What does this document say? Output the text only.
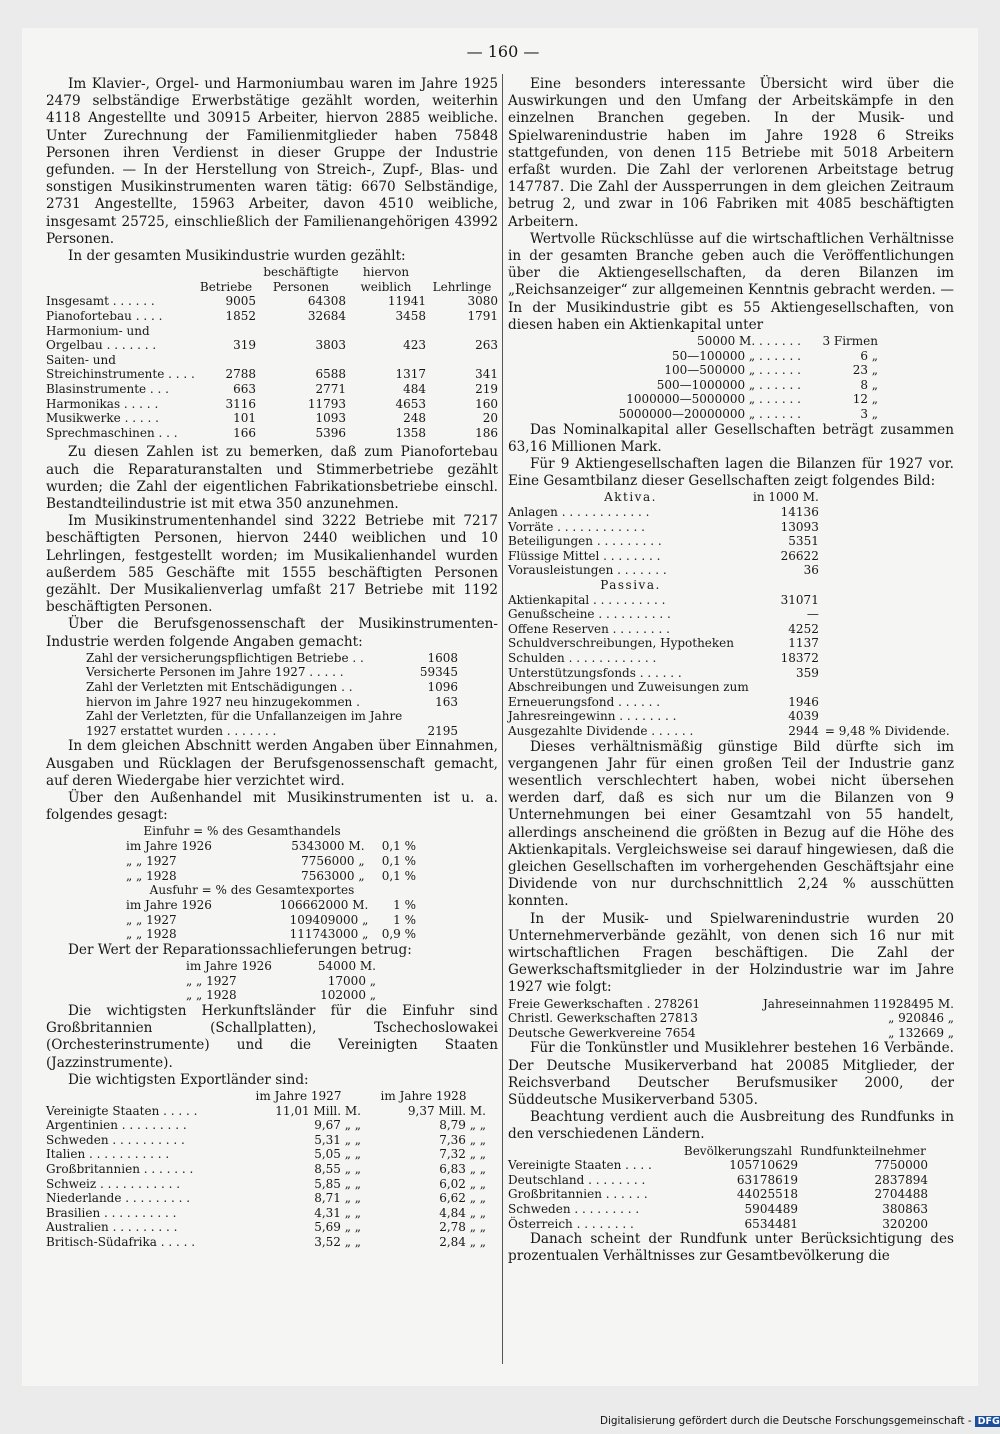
— 160 —

Im Klavier-, Orgel- und Harmoniumbau waren im Jahre 1925 2479 selbständige Erwerbstätige gezählt worden, weiterhin 4118 Angestellte und 30915 Arbeiter, hiervon 2885 weibliche. Unter Zurechnung der Familienmitglieder haben 75848 Personen ihren Verdienst in dieser Gruppe der Industrie gefunden. — In der Herstellung von Streich-, Zupf-, Blas- und sonstigen Musikinstrumenten waren tätig: 6670 Selbständige, 2731 Angestellte, 15963 Arbeiter, davon 4510 weibliche, insgesamt 25725, einschließlich der Familienangehörigen 43992 Personen.

In der gesamten Musikindustrie wurden gezählt:

	Betriebe	beschäftigte Personen	hiervon weiblich	Lehrlinge
Insgesamt . . . . . .	9005	64308	11941	3080
Pianofortebau . . . .	1852	32684	3458	1791
Harmonium- und Orgelbau . . . . . . .	319	3803	423	263
Saiten- und Streichinstrumente . . . .	2788	6588	1317	341
Blasinstrumente . . .	663	2771	484	219
Harmonikas . . . . .	3116	11793	4653	160
Musikwerke . . . . .	101	1093	248	20
Sprechmaschinen . . .	166	5396	1358	186

Zu diesen Zahlen ist zu bemerken, daß zum Pianofortebau auch die Reparaturanstalten und Stimmerbetriebe gezählt wurden; die Zahl der eigentlichen Fabrikationsbetriebe einschl. Bestandteilindustrie ist mit etwa 350 anzunehmen.

Im Musikinstrumentenhandel sind 3222 Betriebe mit 7217 beschäftigten Personen, hiervon 2440 weiblichen und 10 Lehrlingen, festgestellt worden; im Musikalienhandel wurden außerdem 585 Geschäfte mit 1555 beschäftigten Personen gezählt. Der Musikalienverlag umfaßt 217 Betriebe mit 1192 beschäftigten Personen.

Über die Berufsgenossenschaft der Musikinstrumenten-Industrie werden folgende Angaben gemacht:

Zahl der versicherungspflichtigen Betriebe . .	1608
Versicherte Personen im Jahre 1927 . . . . .	59345
Zahl der Verletzten mit Entschädigungen . .	1096
hiervon im Jahre 1927 neu hinzugekommen .	163
Zahl der Verletzten, für die Unfallanzeigen im Jahre 1927 erstattet wurden . . . . . . .	2195

In dem gleichen Abschnitt werden Angaben über Einnahmen, Ausgaben und Rücklagen der Berufsgenossenschaft gemacht, auf deren Wiedergabe hier verzichtet wird.

Über den Außenhandel mit Musikinstrumenten ist u. a. folgendes gesagt:

Einfuhr = % des Gesamthandels
im Jahre 1926	5343000 M.	0,1 %
„ „ 1927	7756000 „	0,1 %
„ „ 1928	7563000 „	0,1 %
Ausfuhr = % des Gesamtexportes
im Jahre 1926	106662000 M.	1 %
„ „ 1927	109409000 „	1 %
„ „ 1928	111743000 „	0,9 %

Der Wert der Reparationssachlieferungen betrug:

im Jahre 1926	54000 M.
„ „ 1927	17000 „
„ „ 1928	102000 „

Die wichtigsten Herkunftsländer für die Einfuhr sind Großbritannien (Schallplatten), Tschechoslowakei (Orchesterinstrumente) und die Vereinigten Staaten (Jazzinstrumente).

Die wichtigsten Exportländer sind:

	im Jahre 1927	im Jahre 1928
Vereinigte Staaten . . . . .	11,01 Mill. M.	9,37 Mill. M.
Argentinien . . . . . . . . .	9,67 „ „	8,79 „ „
Schweden . . . . . . . . . .	5,31 „ „	7,36 „ „
Italien . . . . . . . . . . .	5,05 „ „	7,32 „ „
Großbritannien . . . . . . .	8,55 „ „	6,83 „ „
Schweiz . . . . . . . . . . .	5,85 „ „	6,02 „ „
Niederlande . . . . . . . . .	8,71 „ „	6,62 „ „
Brasilien . . . . . . . . . .	4,31 „ „	4,84 „ „
Australien . . . . . . . . .	5,69 „ „	2,78 „ „
Britisch-Südafrika . . . . .	3,52 „ „	2,84 „ „

Eine besonders interessante Übersicht wird über die Auswirkungen und den Umfang der Arbeitskämpfe in den einzelnen Branchen gegeben. In der Musik- und Spielwarenindustrie haben im Jahre 1928 6 Streiks stattgefunden, von denen 115 Betriebe mit 5018 Arbeitern erfaßt wurden. Die Zahl der verlorenen Arbeitstage betrug 147787. Die Zahl der Aussperrungen in dem gleichen Zeitraum betrug 2, und zwar in 106 Fabriken mit 4085 beschäftigten Arbeitern.

Wertvolle Rückschlüsse auf die wirtschaftlichen Verhältnisse in der gesamten Branche geben auch die Veröffentlichungen über die Aktiengesellschaften, da deren Bilanzen im „Reichsanzeiger“ zur allgemeinen Kenntnis gebracht werden. — In der Musikindustrie gibt es 55 Aktiengesellschaften, von diesen haben ein Aktienkapital unter

50000 M. . . . . . .	3 Firmen
50—100000 „ . . . . . .	6 „
100—500000 „ . . . . . .	23 „
500—1000000 „ . . . . . .	8 „
1000000—5000000 „ . . . . . .	12 „
5000000—20000000 „ . . . . . .	3 „

Das Nominalkapital aller Gesellschaften beträgt zusammen 63,16 Millionen Mark.

Für 9 Aktiengesellschaften lagen die Bilanzen für 1927 vor. Eine Gesamtbilanz dieser Gesellschaften zeigt folgendes Bild:

Aktiva.	in 1000 M.	
Anlagen . . . . . . . . . . . .	14136	
Vorräte . . . . . . . . . . . .	13093	
Beteiligungen . . . . . . . . .	5351	
Flüssige Mittel . . . . . . . .	26622	
Vorausleistungen . . . . . . .	36	
Passiva.		
Aktienkapital . . . . . . . . . .	31071	
Genußscheine . . . . . . . . . .	—	
Offene Reserven . . . . . . . .	4252	
Schuldverschreibungen, Hypotheken	1137	
Schulden . . . . . . . . . . . .	18372	
Unterstützungsfonds . . . . . .	359	
Abschreibungen und Zuweisungen zum Erneuerungsfond . . . . . .	1946	
Jahresreingewinn . . . . . . . .	4039	
Ausgezahlte Dividende . . . . . .	2944	= 9,48 % Dividende.

Dieses verhältnismäßig günstige Bild dürfte sich im vergangenen Jahr für einen großen Teil der Industrie ganz wesentlich verschlechtert haben, wobei nicht übersehen werden darf, daß es sich nur um die Bilanzen von 9 Unternehmungen bei einer Gesamtzahl von 55 handelt, allerdings anscheinend die größten in Bezug auf die Höhe des Aktienkapitals. Vergleichsweise sei darauf hingewiesen, daß die gleichen Gesellschaften im vorhergehenden Geschäftsjahr eine Dividende von nur durchschnittlich 2,24 % ausschütten konnten.

In der Musik- und Spielwarenindustrie wurden 20 Unternehmerverbände gezählt, von denen sich 16 nur mit wirtschaftlichen Fragen beschäftigen. Die Zahl der Gewerkschaftsmitglieder in der Holzindustrie war im Jahre 1927 wie folgt:

Freie Gewerkschaften . 278261	Jahreseinnahmen 11928495 M.
Christl. Gewerkschaften 27813	„ 920846 „
Deutsche Gewerkvereine 7654	„ 132669 „

Für die Tonkünstler und Musiklehrer bestehen 16 Verbände. Der Deutsche Musikerverband hat 20085 Mitglieder, der Reichsverband Deutscher Berufsmusiker 2000, der Süddeutsche Musikerverband 5305.

Beachtung verdient auch die Ausbreitung des Rundfunks in den verschiedenen Ländern.

	Bevölkerungszahl	Rundfunkteilnehmer
Vereinigte Staaten . . . .	105710629	7750000
Deutschland . . . . . . . .	63178619	2837894
Großbritannien . . . . . .	44025518	2704488
Schweden . . . . . . . . .	5904489	380863
Österreich . . . . . . . .	6534481	320200

Danach scheint der Rundfunk unter Berücksichtigung des prozentualen Verhältnisses zur Gesamtbevölkerung die

Digitalisierung gefördert durch die Deutsche Forschungsgemeinschaft - DFG
